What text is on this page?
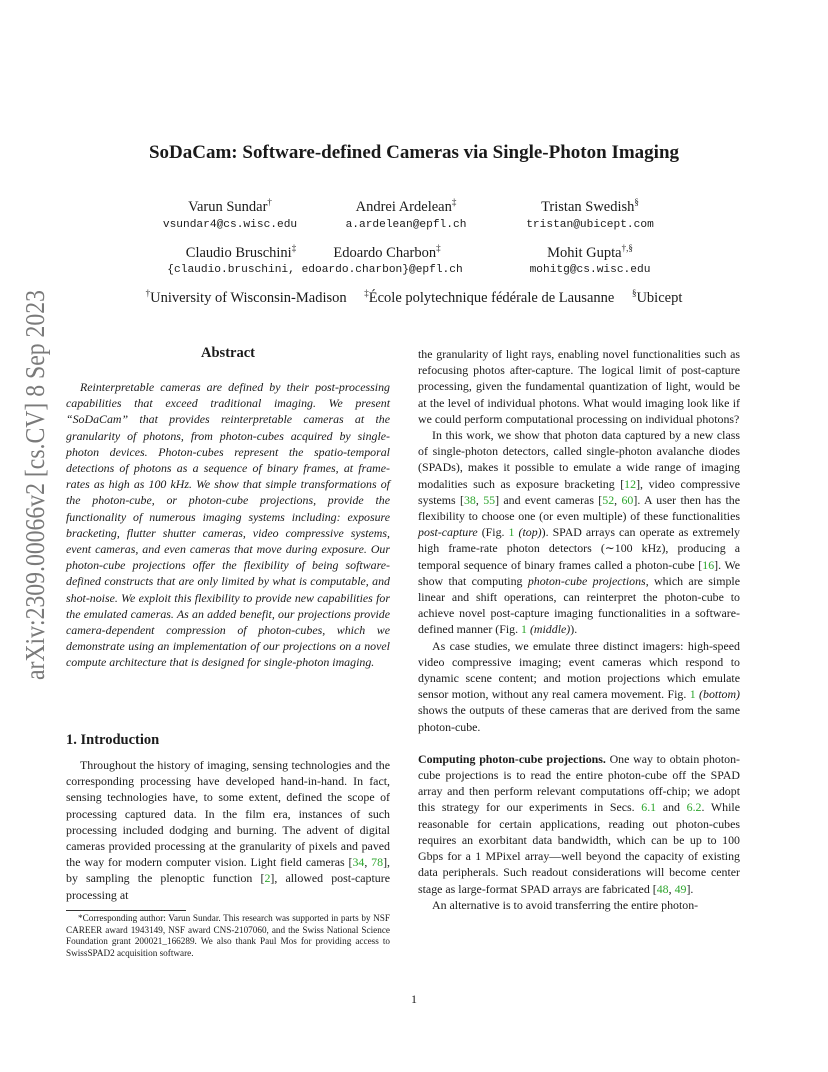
arXiv:2309.00066v2 [cs.CV] 8 Sep 2023
SoDaCam: Software-defined Cameras via Single-Photon Imaging
Varun Sundar†
vsundar4@cs.wisc.edu
Andrei Ardelean‡
a.ardelean@epfl.ch
Tristan Swedish§
tristan@ubicept.com
Claudio Bruschini‡	Edoardo Charbon‡
{claudio.bruschini, edoardo.charbon}@epfl.ch
Mohit Gupta†,§
mohitg@cs.wisc.edu
†University of Wisconsin-Madison ‡École polytechnique fédérale de Lausanne §Ubicept
Abstract

Reinterpretable cameras are defined by their post-processing capabilities that exceed traditional imaging. We present “SoDaCam” that provides reinterpretable cameras at the granularity of photons, from photon-cubes acquired by single-photon devices. Photon-cubes represent the spatio-temporal detections of photons as a sequence of binary frames, at frame-rates as high as 100 kHz. We show that simple transformations of the photon-cube, or photon-cube projections, provide the functionality of numerous imaging systems including: exposure bracketing, flutter shutter cameras, video compressive systems, event cameras, and even cameras that move during exposure. Our photon-cube projections offer the flexibility of being software-defined constructs that are only limited by what is computable, and shot-noise. We exploit this flexibility to provide new capabilities for the emulated cameras. As an added benefit, our projections provide camera-dependent compression of photon-cubes, which we demonstrate using an implementation of our projections on a novel compute architecture that is designed for single-photon imaging.

1. Introduction

Throughout the history of imaging, sensing technologies and the corresponding processing have developed hand-in-hand. In fact, sensing technologies have, to some extent, defined the scope of processing captured data. In the film era, instances of such processing included dodging and burning. The advent of digital cameras provided processing at the granularity of pixels and paved the way for modern computer vision. Light field cameras [34, 78], by sampling the plenoptic function [2], allowed post-capture processing at

*Corresponding author: Varun Sundar. This research was supported in parts by NSF CAREER award 1943149, NSF award CNS-2107060, and the Swiss National Science Foundation grant 200021_166289. We also thank Paul Mos for providing access to SwissSPAD2 acquisition software.

the granularity of light rays, enabling novel functionalities such as refocusing photos after-capture. The logical limit of post-capture processing, given the fundamental quantization of light, would be at the level of individual photons. What would imaging look like if we could perform computational processing on individual photons?

In this work, we show that photon data captured by a new class of single-photon detectors, called single-photon avalanche diodes (SPADs), makes it possible to emulate a wide range of imaging modalities such as exposure bracketing [12], video compressive systems [38, 55] and event cameras [52, 60]. A user then has the flexibility to choose one (or even multiple) of these functionalities post-capture (Fig. 1 (top)). SPAD arrays can operate as extremely high frame-rate photon detectors (∼100 kHz), producing a temporal sequence of binary frames called a photon-cube [16]. We show that computing photon-cube projections, which are simple linear and shift operations, can reinterpret the photon-cube to achieve novel post-capture imaging functionalities in a software-defined manner (Fig. 1 (middle)).

As case studies, we emulate three distinct imagers: high-speed video compressive imaging; event cameras which respond to dynamic scene content; and motion projections which emulate sensor motion, without any real camera movement. Fig. 1 (bottom) shows the outputs of these cameras that are derived from the same photon-cube.

Computing photon-cube projections. One way to obtain photon-cube projections is to read the entire photon-cube off the SPAD array and then perform relevant computations off-chip; we adopt this strategy for our experiments in Secs. 6.1 and 6.2. While reasonable for certain applications, reading out photon-cubes requires an exorbitant data bandwidth, which can be up to 100 Gbps for a 1 MPixel array—well beyond the capacity of existing data peripherals. Such readout considerations will become center stage as large-format SPAD arrays are fabricated [48, 49].

An alternative is to avoid transferring the entire photon-

1
